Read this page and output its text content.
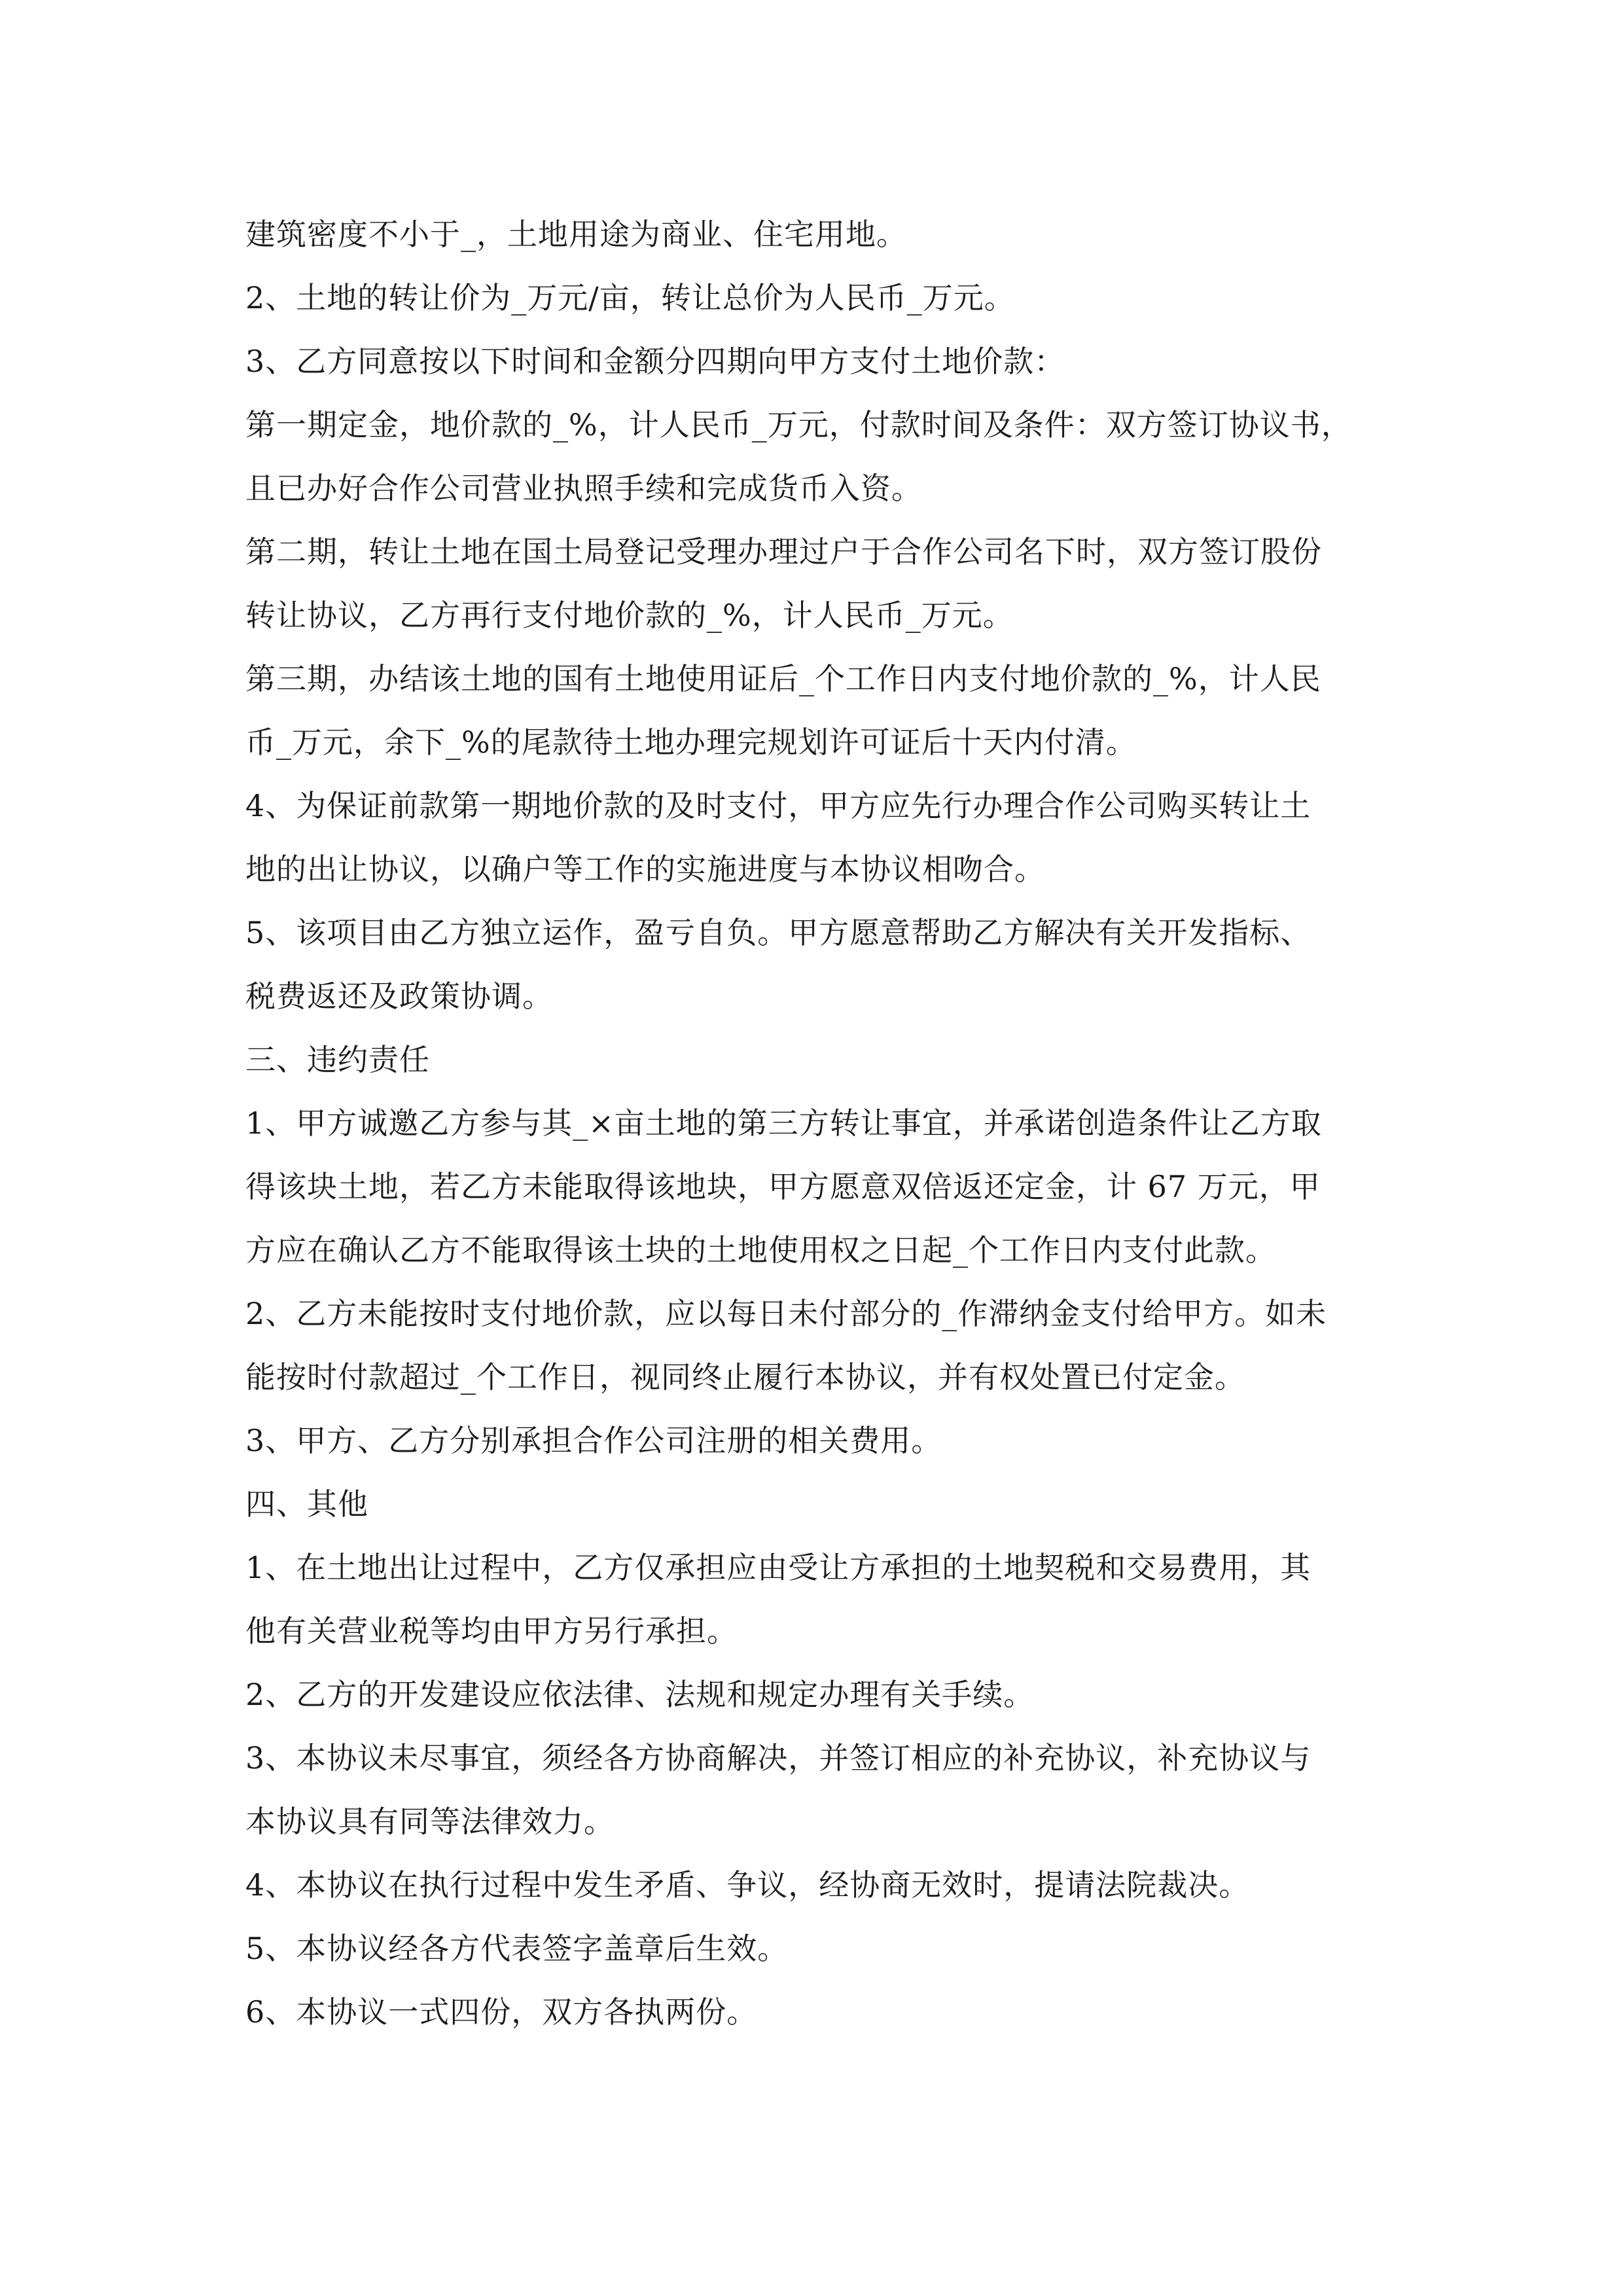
建筑密度不小于_，土地用途为商业、住宅用地。

2、土地的转让价为_万元/亩，转让总价为人民币_万元。

3、乙方同意按以下时间和金额分四期向甲方支付土地价款：

第一期定金，地价款的_%，计人民币_万元，付款时间及条件：双方签订协议书，

且已办好合作公司营业执照手续和完成货币入资。

第二期，转让土地在国土局登记受理办理过户于合作公司名下时，双方签订股份

转让协议，乙方再行支付地价款的_%，计人民币_万元。

第三期，办结该土地的国有土地使用证后_个工作日内支付地价款的_%，计人民

币_万元，余下_%的尾款待土地办理完规划许可证后十天内付清。

4、为保证前款第一期地价款的及时支付，甲方应先行办理合作公司购买转让土

地的出让协议，以确户等工作的实施进度与本协议相吻合。

5、该项目由乙方独立运作，盈亏自负。甲方愿意帮助乙方解决有关开发指标、

税费返还及政策协调。

三、违约责任

1、甲方诚邀乙方参与其_×亩土地的第三方转让事宜，并承诺创造条件让乙方取

得该块土地，若乙方未能取得该地块，甲方愿意双倍返还定金，计 67 万元，甲

方应在确认乙方不能取得该土块的土地使用权之日起_个工作日内支付此款。

2、乙方未能按时支付地价款，应以每日未付部分的_作滞纳金支付给甲方。如未

能按时付款超过_个工作日，视同终止履行本协议，并有权处置已付定金。

3、甲方、乙方分别承担合作公司注册的相关费用。

四、其他

1、在土地出让过程中，乙方仅承担应由受让方承担的土地契税和交易费用，其

他有关营业税等均由甲方另行承担。

2、乙方的开发建设应依法律、法规和规定办理有关手续。

3、本协议未尽事宜，须经各方协商解决，并签订相应的补充协议，补充协议与

本协议具有同等法律效力。

4、本协议在执行过程中发生矛盾、争议，经协商无效时，提请法院裁决。

5、本协议经各方代表签字盖章后生效。

6、本协议一式四份，双方各执两份。
